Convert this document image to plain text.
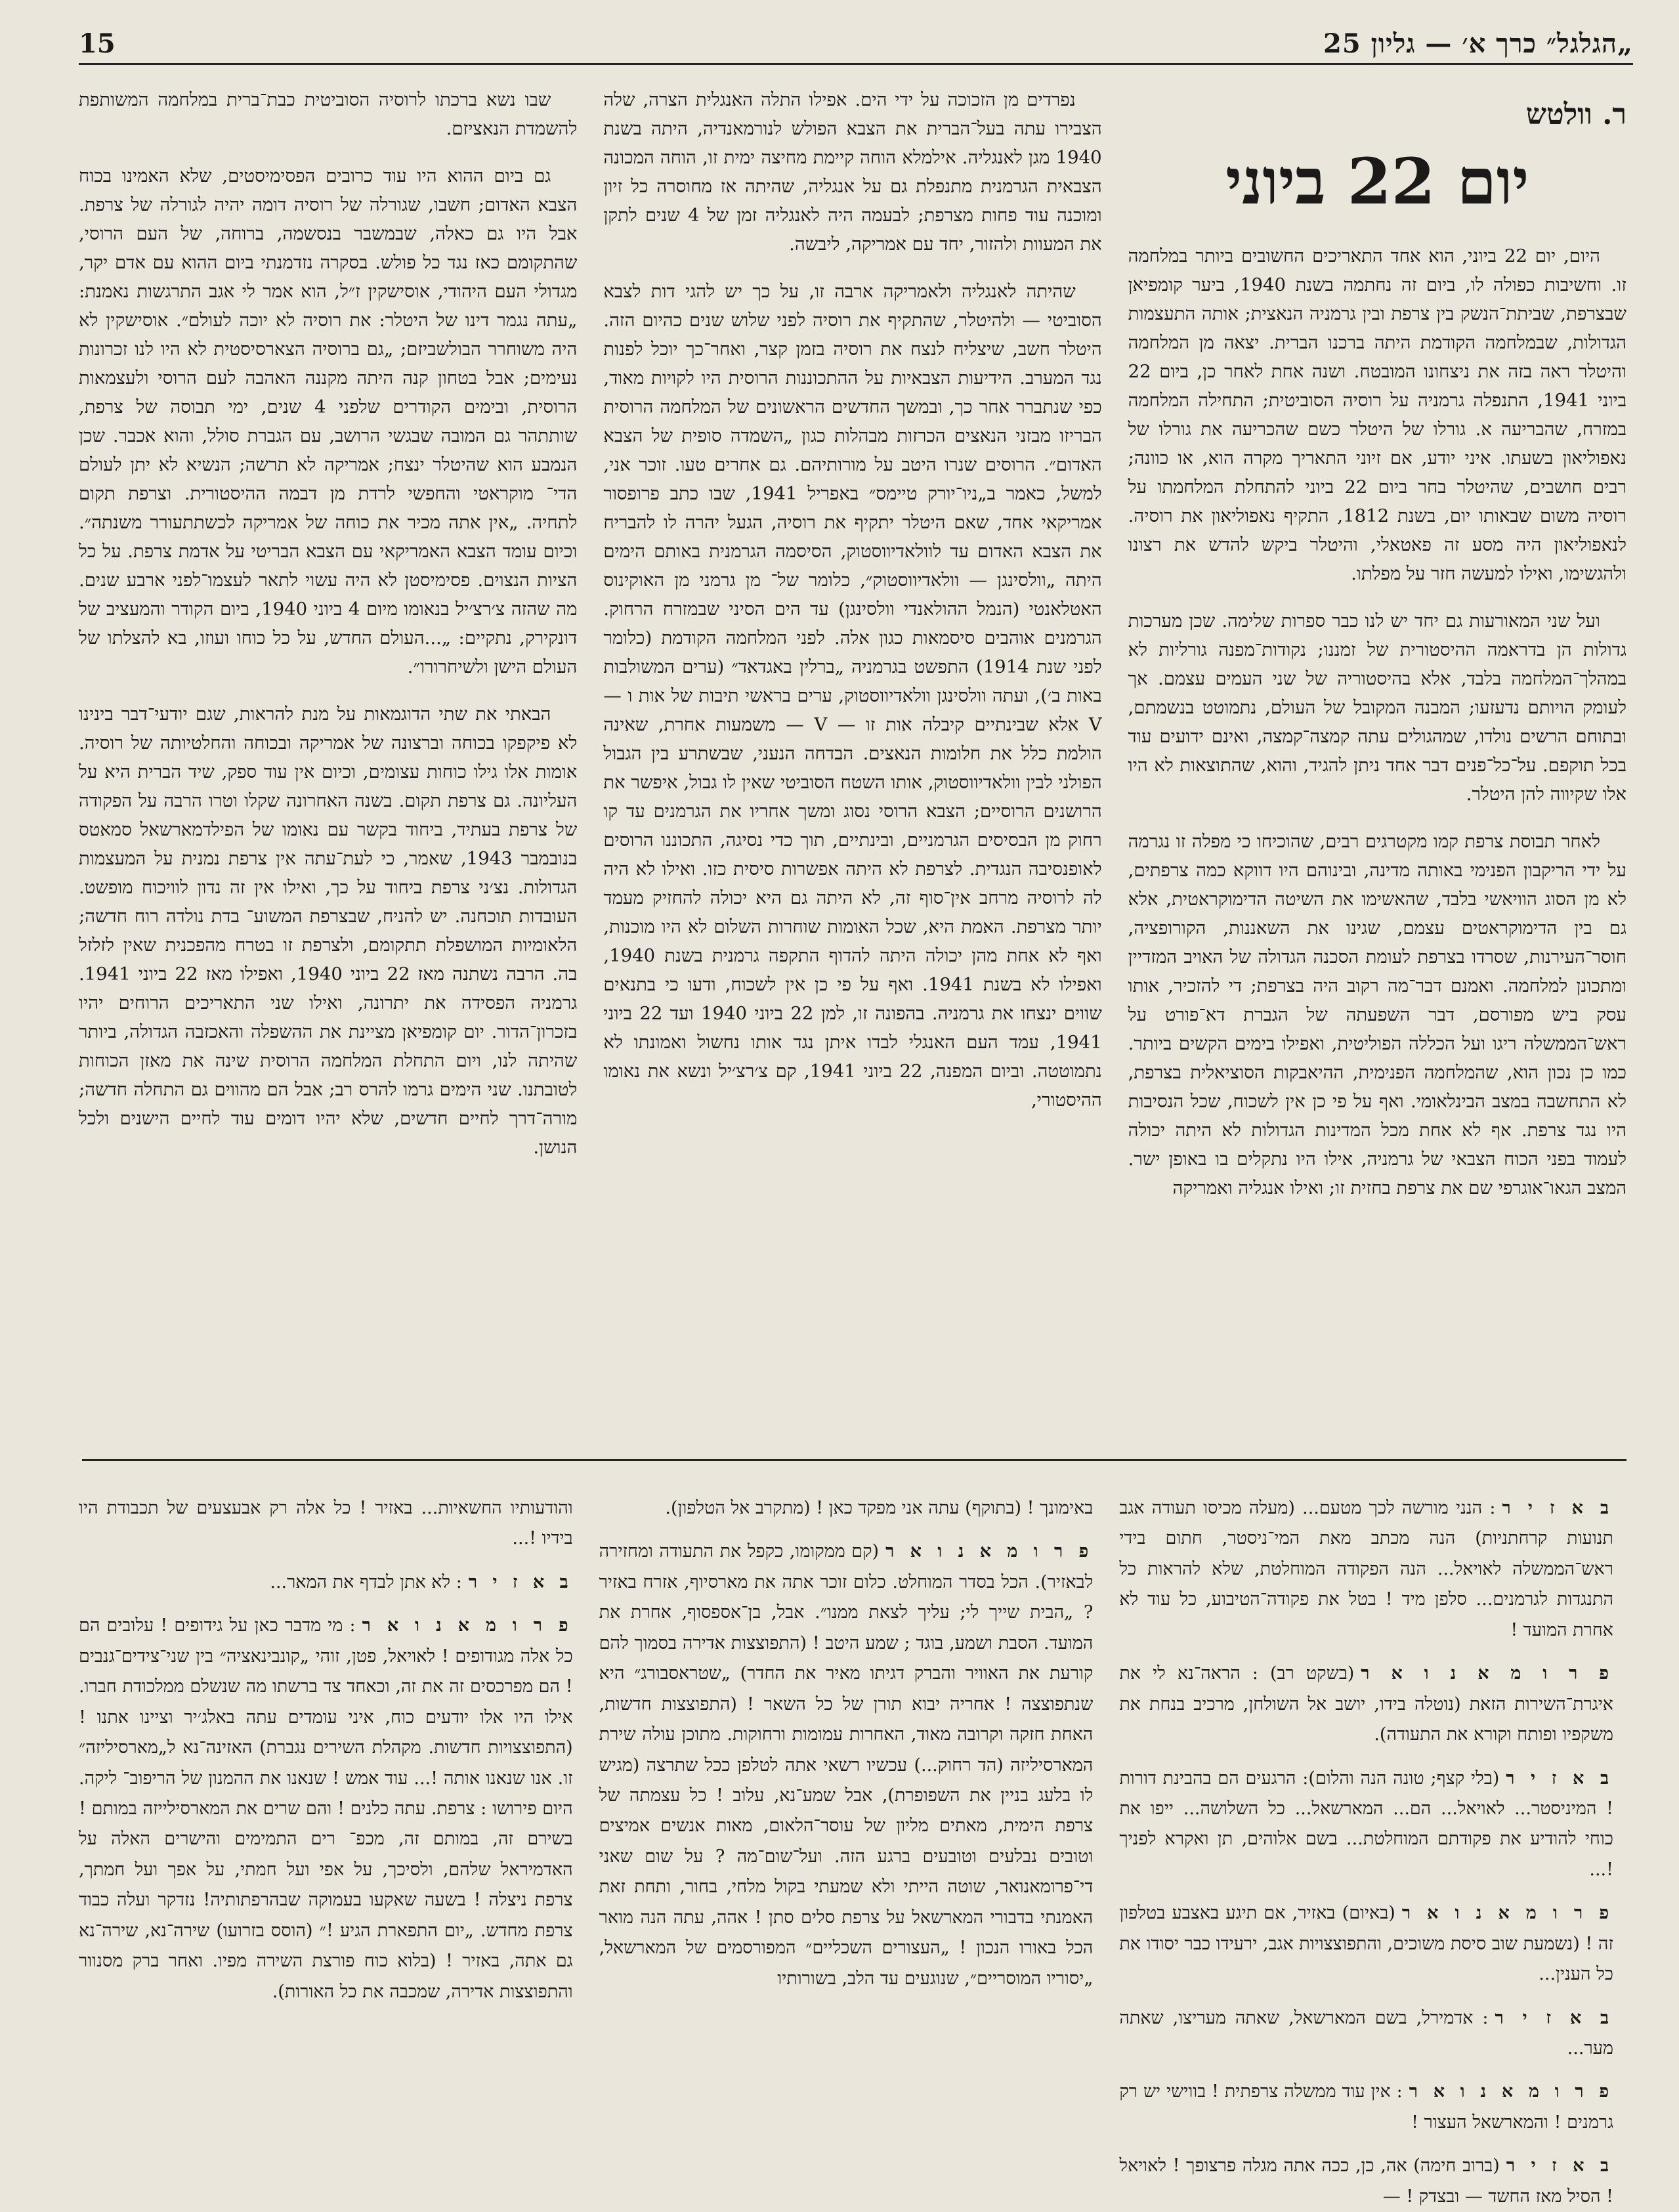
15	„הגלגל״ כרך א׳ — גליון 25
ר. וולטש
יום 22 ביוני

היום, יום 22 ביוני, הוא אחד התאריכים החשובים ביותר במלחמה זו. וחשיבות כפולה לו, ביום זה נחתמה בשנת 1940, ביער קומפיאן שבצרפת, שביתת־הנשק בין צרפת ובין גרמניה הנאצית; אותה התעצמות הגדולות, שבמלחמה הקודמת היתה ברכנו הברית. יצאה מן המלחמה והיטלר ראה בזה את ניצחונו המובטח. ושנה אחת לאחר כן, ביום 22 ביוני 1941, התנפלה גרמניה על רוסיה הסוביטית; התחילה המלחמה במזרח, שהבריעה א. גורלו של היטלר כשם שהכריעה את גורלו של נאפוליאון בשעתו. איני יודע, אם זיוני התאריך מקרה הוא, או כוונה; רבים חושבים, שהיטלר בחר ביום 22 ביוני להתחלת המלחמתו על רוסיה משום שבאותו יום, בשנת 1812, התקיף נאפוליאון את רוסיה. לנאפוליאון היה מסע זה פאטאלי, והיטלר ביקש להדש את רצונו ולהגשימו, ואילו למעשה חזר על מפלתו.

ועל שני המאורעות גם יחד יש לנו כבר ספרות שלימה. שכן מערכות גדולות הן בדראמה ההיסטורית של זמננו; נקודות־מפנה גורליות לא במהלך־המלחמה בלבד, אלא בהיסטוריה של שני העמים עצמם. אך לעומק הויותם נדעזעו; המבנה המקובל של העולם, נתמוטט בנשמתם, ובתוחם הרשים נולדו, שמהגולים עתה קמצה־קמצה, ואינם ידועים עוד בכל תוקפם. על־כל־פנים דבר אחד ניתן להגיד, והוא, שהתוצאות לא היו אלו שקיווה להן היטלר.

לאחר תבוסת צרפת קמו מקטרגים רבים, שהוכיחו כי מפלה זו נגרמה על ידי הריקבון הפנימי באותה מדינה, ובינוהם היו דווקא כמה צרפתים, לא מן הסוג הוויאשי בלבד, שהאשימו את השיטה הדימוקראטית, אלא גם בין הדימוקראטים עצמם, שגינו את השאננות, הקורופציה, חוסר־העירנות, שסרדו בצרפת לעומת הסכנה הגדולה של האויב המזדיין ומתכונן למלחמה. ואמנם דבר־מה רקוב היה בצרפת; די להזכיר, אותו עסק ביש מפורסם, דבר השפעתה של הגברת דא־פורט על ראש־הממשלה ריגו ועל הכללה הפוליטית, ואפילו בימים הקשים ביותר. כמו כן נכון הוא, שהמלחמה הפנימית, ההיאבקות הסוציאלית בצרפת, לא התחשבה במצב הבינלאומי. ואף על פי כן אין לשכוח, שכל הנסיבות היו נגד צרפת. אף לא אחת מכל המדינות הגדולות לא היתה יכולה לעמוד בפני הכוח הצבאי של גרמניה, אילו היו נתקלים בו באופן ישר. המצב הגאו־אוגרפי שם את צרפת בחזית זו; ואילו אנגליה ואמריקה

נפרדים מן הזכוכה על ידי הים. אפילו התלה האנגלית הצרה, שלה הצבירו עתה בעל־הברית את הצבא הפולש לנורמאנדיה, היתה בשנת 1940 מגן לאנגליה. אילמלא הוחה קיימת מחיצה ימית זו, הוחה המכונה הצבאית הגרמנית מתנפלת גם על אנגליה, שהיתה אז מחוסרה כל זיון ומוכנה עוד פחות מצרפת; לבעמה היה לאנגליה זמן של 4 שנים לתקן את המעוות ולהזור, יחד עם אמריקה, ליבשה.

שהיתה לאנגליה ולאמריקה ארבה זו, על כך יש להגי דות לצבא הסוביטי — ולהיטלר, שהתקיף את רוסיה לפני שלוש שנים כהיום הזה. היטלר חשב, שיצליח לנצח את רוסיה בזמן קצר, ואחר־כך יוכל לפנות נגד המערב. הידיעות הצבאיות על ההתכוננות הרוסית היו לקויות מאוד, כפי שנתברר אחר כך, ובמשך החדשים הראשונים של המלחמה הרוסית הבריזו מבזני הנאצים הכרזות מבהלות כגון „השמדה סופית של הצבא האדום״. הרוסים שנרו היטב על מורותיהם. גם אחרים טעו. זוכר אני, למשל, כאמר ב„ניו־יורק טיימס״ באפריל 1941, שבו כתב פרופסור אמריקאי אחד, שאם היטלר יתקיף את רוסיה, הגעל יהרה לו להבריח את הצבא האדום עד לוולאדיווסטוק, הסיסמה הגרמנית באותם הימים היתה „וולסינגן — וולאדיווסטוק״, כלומר של־ מן גרמני מן האוקינוס האטלאנטי (הנמל ההולאנדי וולסינגן) עד הים הסיני שבמזרח הרחוק. הגרמנים אוהבים סיסמאות כגון אלה. לפני המלחמה הקודמת (כלומר לפני שנת 1914) התפשט בגרמניה „ברלין באגדאד״ (ערים המשולבות באות ב׳), ועתה וולסינגן וולאדיווסטוק, ערים בראשי תיבות של אות ו — V אלא שבינתיים קיבלה אות זו — V — משמעות אחרת, שאינה הולמת כלל את חלומות הנאצים. הבדחה הנעני, שבשתרע בין הגבול הפולני לבין וולאדיווסטוק, אותו השטח הסוביטי שאין לו גבול, איפשר את הרושנים הרוסיים; הצבא הרוסי נסוג ומשך אחריו את הגרמנים עד קו רחוק מן הבסיסים הגרמניים, ובינתיים, תוך כדי נסיגה, התכוננו הרוסים לאופנסיבה הנגדית. לצרפת לא היתה אפשרות סיסית כזו. ואילו לא היה לה לרוסיה מרחב אין־סוף זה, לא היתה גם היא יכולה להחזיק מעמד יותר מצרפת. האמת היא, שכל האומות שוחרות השלום לא היו מוכנות, ואף לא אחת מהן יכולה היתה להדוף התקפה גרמנית בשנת 1940, ואפילו לא בשנת 1941. ואף על פי כן אין לשכוח, ודעו כי בתנאים שווים ינצחו את גרמניה. בהפונה זו, למן 22 ביוני 1940 ועד 22 ביוני 1941, עמד העם האנגלי לבדו איתן נגד אותו נחשול ואמונתו לא נתמוטטה. וביום המפנה, 22 ביוני 1941, קם צ׳רצ׳יל ונשא את נאומו ההיסטורי,

שבו נשא ברכתו לרוסיה הסוביטית כבת־ברית במלחמה המשותפת להשמדת הנאציזם.

גם ביום ההוא היו עוד כרובים הפסימיסטים, שלא האמינו בכוח הצבא האדום; חשבו, שגורלה של רוסיה דומה יהיה לגורלה של צרפת. אבל היו גם כאלה, שבמשבר בנסשמה, ברוחה, של העם הרוסי, שהתקומם כאז נגד כל פולש. בסקרה נזדמנתי ביום ההוא עם אדם יקר, מגדולי העם היהודי, אוסישקין ז״ל, הוא אמר לי אגב התרגשות נאמנת: „עתה נגמר דינו של היטלר: את רוסיה לא יוכה לעולם״. אוסישקין לא היה משוחרר הבולשביזם; „גם ברוסיה הצארסיסטית לא היו לנו זכרונות נעימים; אבל בטחון קנה היתה מקננה האהבה לעם הרוסי ולעצמאות הרוסית, ובימים הקודרים שלפני 4 שנים, ימי תבוסה של צרפת, שותתהר גם המובה שבגשי הרושב, עם הגברת סולל, והוא אכבר. שכן הנמבע הוא שהיטלר ינצח; אמריקה לא תרשה; הנשיא לא יתן לעולם הדי־ מוקראטי והחפשי לרדת מן דבמה ההיסטורית. וצרפת תקום לתחיה. „אין אתה מכיר את כוחה של אמריקה לכשתתעורר משנתה״. וכיום עומד הצבא האמריקאי עם הצבא הבריטי על אדמת צרפת. על כל הציות הנצוים. פסימיסטן לא היה עשוי לתאר לעצמו־לפני ארבע שנים. מה שהזה צ׳רצ׳יל בנאומו מיום 4 ביוני 1940, ביום הקודר והמעציב של דונקירק, נתקיים: „...העולם החדש, על כל כוחו ועוזו, בא להצלתו של העולם הישן ולשיחרורו״.

הבאתי את שתי הדוגמאות על מנת להראות, שגם יודעי־דבר בינינו לא פיקפקו בכוחה וברצונה של אמריקה ובכוחה והחלטיותה של רוסיה. אומות אלו גילו כוחות עצומים, וכיום אין עוד ספק, שיד הברית היא על העליונה. גם צרפת תקום. בשנה האחרונה שקלו וטרו הרבה על הפקודה של צרפת בעתיד, ביחוד בקשר עם נאומו של הפילדמארשאל סמאטס בנובמבר 1943, שאמר, כי לעת־עתה אין צרפת נמנית על המעצמות הגדולות. נצ׳ני צרפת ביחוד על כך, ואילו אין זה נדון לוויכוח מופשט. העובדות תוכחנה. יש להניח, שבצרפת המשוע־ בדת נולדה רוח חדשה; הלאומיות המושפלת תתקומם, ולצרפת זו בטרח מהפכנית שאין לזלזל בה. הרבה נשתנה מאז 22 ביוני 1940, ואפילו מאז 22 ביוני 1941. גרמניה הפסידה את יתרונה, ואילו שני התאריכים הרוחים יהיו בזכרון־הדור. יום קומפיאן מציינת את ההשפלה והאכזבה הגדולה, ביותר שהיתה לנו, ויום התחלת המלחמה הרוסית שינה את מאזן הכוחות לטובתנו. שני הימים גרמו להרס רב; אבל הם מהווים גם התחלה חדשה; מורה־דרך לחיים חדשים, שלא יהיו דומים עוד לחיים הישנים ולכל הנושן.

ב א ז י ר: הנני מורשה לכך מטעם... (מעלה מכיסו תעודה אגב תנועות קרחתניות) הנה מכתב מאת המי־ניסטר, חתום בידי ראש־הממשלה לאויאל... הנה הפקודה המוחלטת, שלא להראות כל התנגדות לגרמנים... סלפן מיד ! בטל את פקודה־הטיבוע, כל עוד לא אחרת המועד !

פ ר ו מ א נ ו א ר(בשקט רב) : הראה־נא לי את איגרת־השירות הזאת (נוטלה בידו, יושב אל השולחן, מרכיב בנחת את משקפיו ופותח וקורא את התעודה).

ב א ז י ר(בלי קצף; טונה הנה והלום): הרגעים הם בהבינת דורות ! המיניסטר... לאויאל... הם... המארשאל... כל השלושה... ייפו את כוחי להודיע את פקודתם המוחלטת... בשם אלוהים, תן ואקרא לפניך !...

פ ר ו מ א נ ו א ר(באיום) באזיר, אם תיגע באצבע בטלפון זה ! (נשמעת שוב סיסת משוכים, והתפוצצויות אגב, ירעידו כבר יסודו את כל הענין...

ב א ז י ר: אדמירל, בשם המארשאל, שאתה מעריצו, שאתה מער...

פ ר ו מ א נ ו א ר: אין עוד ממשלה צרפתית ! בווישי יש רק גרמנים ! והמארשאל העצור !

ב א ז י ר(ברוב חימה) אה, כן, ככה אתה מגלה פרצופך ! לאויאל ! הסיל מאז החשד — ובצדק ! —

באימונך ! (בתוקף) עתה אני מפקד כאן ! (מתקרב אל הטלפון).

פ ר ו מ א נ ו א ר(קם ממקומו, כקפל את התעודה ומחזירה לבאזיר). הכל בסדר המוחלט. כלום זוכר אתה את מארסיוף, אזרח באזיר ? „הבית שייך לי; עליך לצאת ממנו״. אבל, בן־אספסוף, אחרת את המועד. הסבת ושמע, בוגד ; שמע היטב ! (התפוצצות אדירה בסמוך להם קורעת את האוויר והברק דגיתו מאיר את החדר) „שטראסבורג״ היא שנתפוצצה ! אחריה יבוא תורן של כל השאר ! (התפוצצות חדשות, האחת חזקה וקרובה מאוד, האחרות עמומות ורחוקות. מתוכן עולה שירת המארסיליזה (הד רחוק...) עכשיו רשאי אתה לטלפן ככל שתרצה (מגיש לו בלעג בניין את השפופרת), אבל שמע־נא, עלוב ! כל עצמתה של צרפת הימית, מאתים מליון של עוסר־הלאום, מאות אנשים אמיצים וטובים נבלעים וטובעים ברגע הזה. ועל־שום־מה ? על שום שאני די־פרומאנואר, שוטה הייתי ולא שמעתי בקול מלחי, בחור, ותחת זאת האמנתי בדבורי המארשאל על צרפת סלים סתן ! אהה, עתה הנה מואר הכל באורו הנכון ! „העצורים השכליים״ המפורסמים של המארשאל, „יסוריו המוסריים״, שנוגעים עד הלב, בשורותיו

והודעותיו החשאיות... באזיר ! כל אלה רק אבעצעים של תכבודת היו בידיו !...

ב א ז י ר: לא אתן לבדף את המאר...

פ ר ו מ א נ ו א ר: מי מדבר כאן על גידופים ! עלובים הם כל אלה מגודופים ! לאויאל, פטן, זוהי „קונבינאציה״ בין שני־צידים־גנבים ! הם מפרכסים זה את זה, וכאחד צד ברשתו מה שנשלם ממלכודת חברו. אילו היו אלו יודעים כוח, איני עומדים עתה באלג׳יר וציינו אתנו ! (התפוצצויות חדשות. מקהלת השירים נגברת) האזינה־נא ל„מארסיליזה״ זו. אנו שנאנו אותה !... עוד אמש ! שנאנו את ההמנון של הריפוב־ ליקה. היום פירושו : צרפת. עתה כלנים ! והם שרים את המארסילייזה במותם ! בשירם זה, במותם זה, מכפ־ רים התמימים והישרים האלה על האדמיראל שלהם, ולסיכך, על אפי ועל חמתי, על אפך ועל חמתך, צרפת ניצלה ! בשעה שאקעו בעמוקה שבהרפתותיה! נזדקר ועלה כבוד צרפת מחדש. „יום התפארת הגיע !״ (הוסס בזרועו) שירה־נא, שירה־נא גם אתה, באזיר ! (בלוא כוח פורצת השירה מפיו. ואחר ברק מסנוור והתפוצצות אדירה, שמכבה את כל האורות).
